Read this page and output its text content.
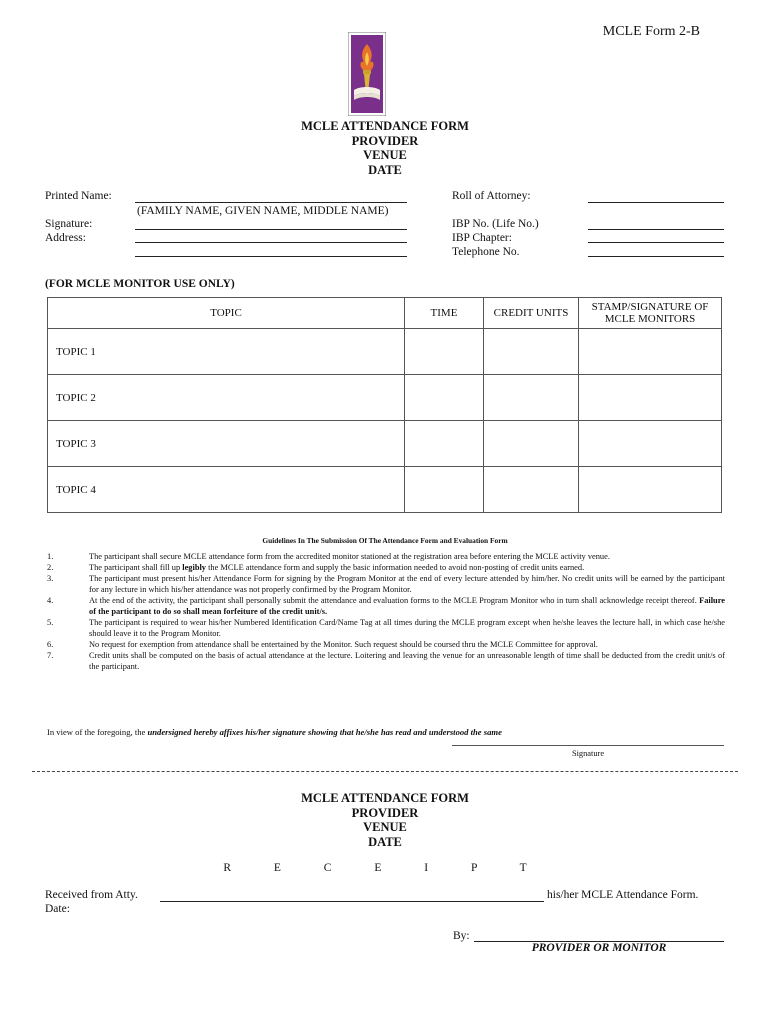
MCLE Form 2-B
MCLE ATTENDANCE FORM
PROVIDER
VENUE
DATE
Printed Name:
(FAMILY NAME, GIVEN NAME, MIDDLE NAME)
Signature:
Address:
Roll of Attorney:
IBP No. (Life No.)
IBP Chapter:
Telephone No.
(FOR MCLE MONITOR USE ONLY)
TOPIC	TIME	CREDIT UNITS	STAMP/SIGNATURE OF MCLE MONITORS
TOPIC 1			
TOPIC 2			
TOPIC 3			
TOPIC 4			
Guidelines In The Submission Of The Attendance Form and Evaluation Form
1.	The participant shall secure MCLE attendance form from the accredited monitor stationed at the registration area before entering the MCLE activity venue.
2.	The participant shall fill up legibly the MCLE attendance form and supply the basic information needed to avoid non-posting of credit units earned.
3.	The participant must present his/her Attendance Form for signing by the Program Monitor at the end of every lecture attended by him/her. No credit units will be earned by the participant for any lecture in which his/her attendance was not properly confirmed by the Program Monitor.
4.	At the end of the activity, the participant shall personally submit the attendance and evaluation forms to the MCLE Program Monitor who in turn shall acknowledge receipt thereof. Failure of the participant to do so shall mean forfeiture of the credit unit/s.
5.	The participant is required to wear his/her Numbered Identification Card/Name Tag at all times during the MCLE program except when he/she leaves the lecture hall, in which case he/she should leave it to the Program Monitor.
6.	No request for exemption from attendance shall be entertained by the Monitor. Such request should be coursed thru the MCLE Committee for approval.
7.	Credit units shall be computed on the basis of actual attendance at the lecture. Loitering and leaving the venue for an unreasonable length of time shall be deducted from the credit unit/s of the participant.
In view of the foregoing, the undersigned hereby affixes his/her signature showing that he/she has read and understood the same
Signature
MCLE ATTENDANCE FORM
PROVIDER
VENUE
DATE
R E C E I P T
Received from Atty.	his/her MCLE Attendance Form.
Date:
By:
PROVIDER OR MONITOR
